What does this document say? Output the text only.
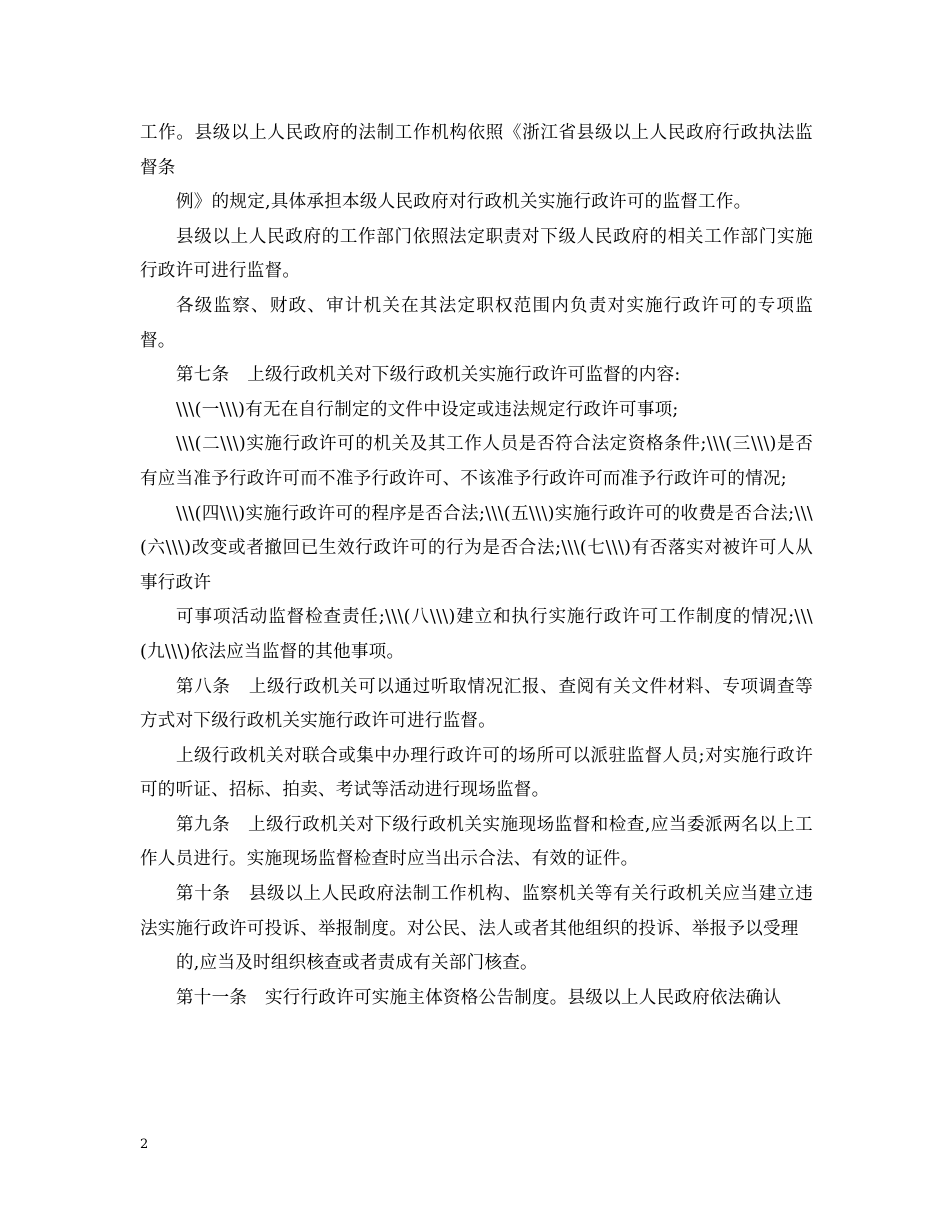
工作。县级以上人民政府的法制工作机构依照《浙江省县级以上人民政府行政执法监督条

例》的规定,具体承担本级人民政府对行政机关实施行政许可的监督工作。

县级以上人民政府的工作部门依照法定职责对下级人民政府的相关工作部门实施行政许可进行监督。

各级监察、财政、审计机关在其法定职权范围内负责对实施行政许可的专项监督。

第七条　上级行政机关对下级行政机关实施行政许可监督的内容:

\\\(一\\\)有无在自行制定的文件中设定或违法规定行政许可事项;

\\\(二\\\)实施行政许可的机关及其工作人员是否符合法定资格条件;\\\(三\\\)是否有应当准予行政许可而不准予行政许可、不该准予行政许可而准予行政许可的情况;

\\\(四\\\)实施行政许可的程序是否合法;\\\(五\\\)实施行政许可的收费是否合法;\\\(六\\\)改变或者撤回已生效行政许可的行为是否合法;\\\(七\\\)有否落实对被许可人从事行政许

可事项活动监督检查责任;\\\(八\\\)建立和执行实施行政许可工作制度的情况;\\\(九\\\)依法应当监督的其他事项。

第八条　上级行政机关可以通过听取情况汇报、查阅有关文件材料、专项调查等方式对下级行政机关实施行政许可进行监督。

上级行政机关对联合或集中办理行政许可的场所可以派驻监督人员;对实施行政许可的听证、招标、拍卖、考试等活动进行现场监督。

第九条　上级行政机关对下级行政机关实施现场监督和检查,应当委派两名以上工作人员进行。实施现场监督检查时应当出示合法、有效的证件。

第十条　县级以上人民政府法制工作机构、监察机关等有关行政机关应当建立违法实施行政许可投诉、举报制度。对公民、法人或者其他组织的投诉、举报予以受理

的,应当及时组织核查或者责成有关部门核查。

第十一条　实行行政许可实施主体资格公告制度。县级以上人民政府依法确认

2
